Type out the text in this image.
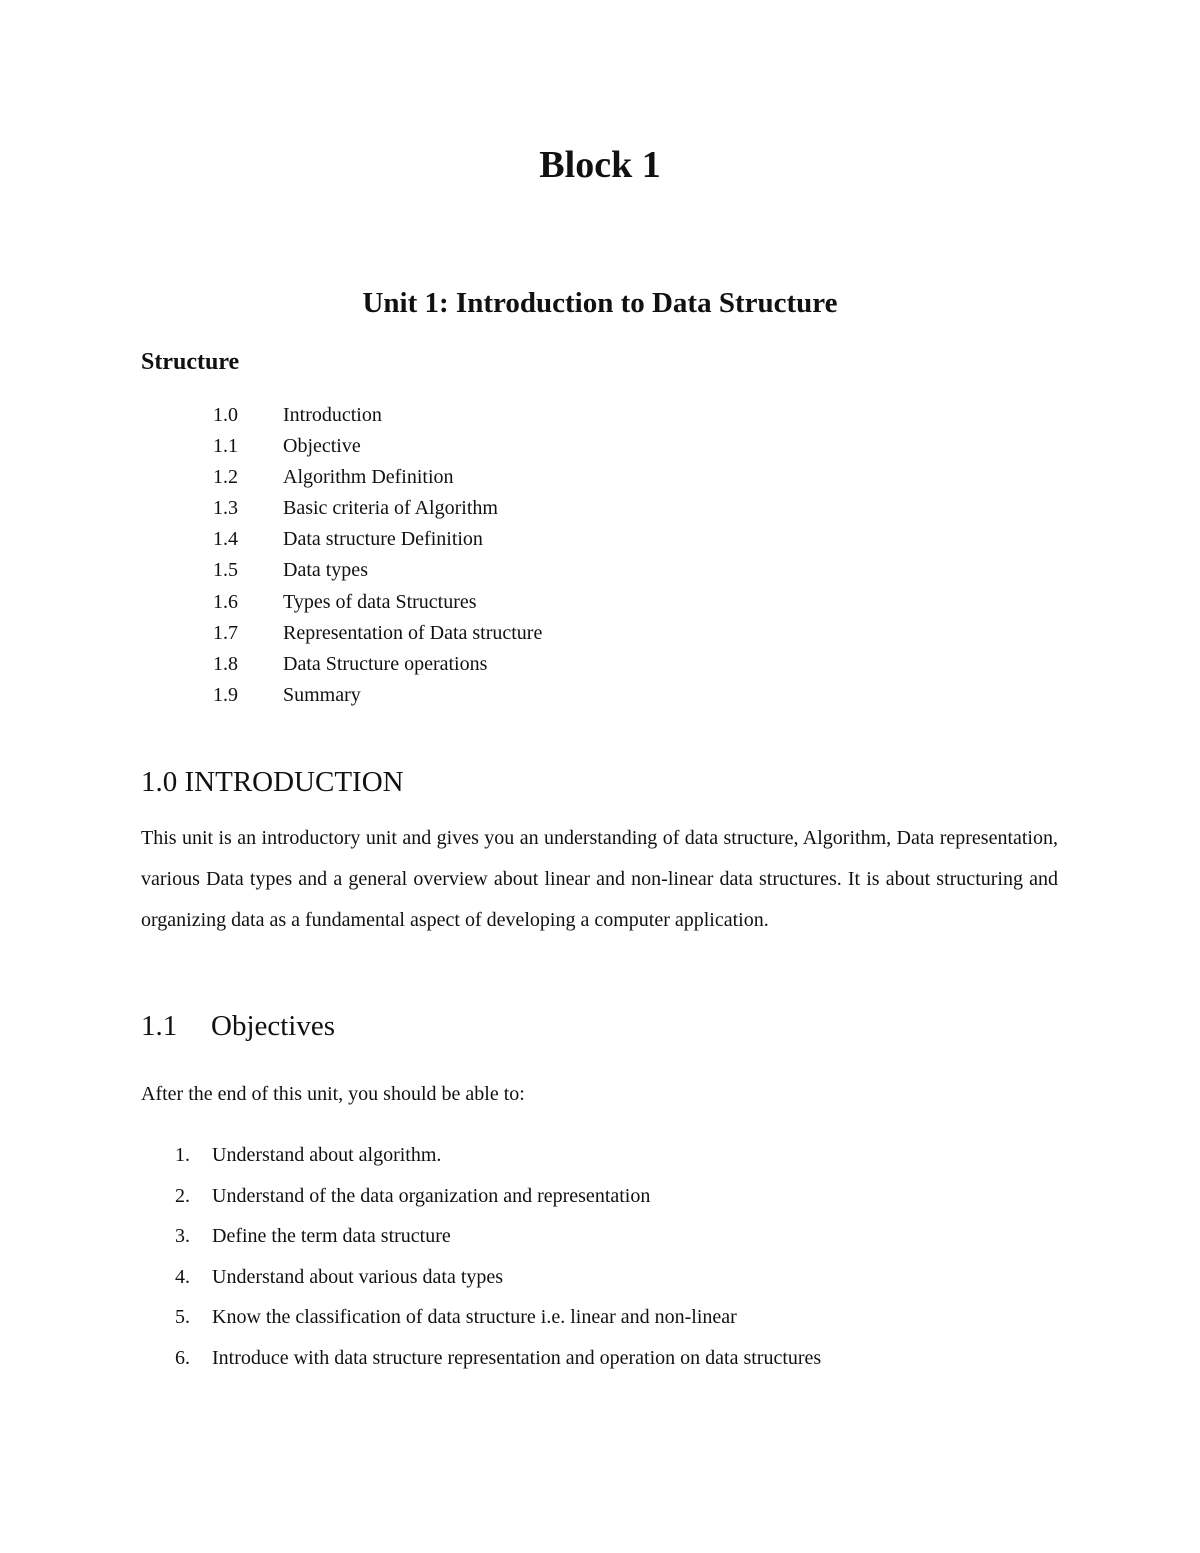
Block 1
Unit 1: Introduction to Data Structure
Structure
1.0 Introduction
1.1 Objective
1.2 Algorithm Definition
1.3 Basic criteria of Algorithm
1.4 Data structure Definition
1.5 Data types
1.6 Types of data Structures
1.7 Representation of Data structure
1.8 Data Structure operations
1.9 Summary
1.0 INTRODUCTION

This unit is an introductory unit and gives you an understanding of data structure, Algorithm, Data representation, various Data types and a general overview about linear and non-linear data structures. It is about structuring and organizing data as a fundamental aspect of developing a computer application.

1.1 Objectives

After the end of this unit, you should be able to:

1. Understand about algorithm.
2. Understand of the data organization and representation
3. Define the term data structure
4. Understand about various data types
5. Know the classification of data structure i.e. linear and non-linear
6. Introduce with data structure representation and operation on data structures
